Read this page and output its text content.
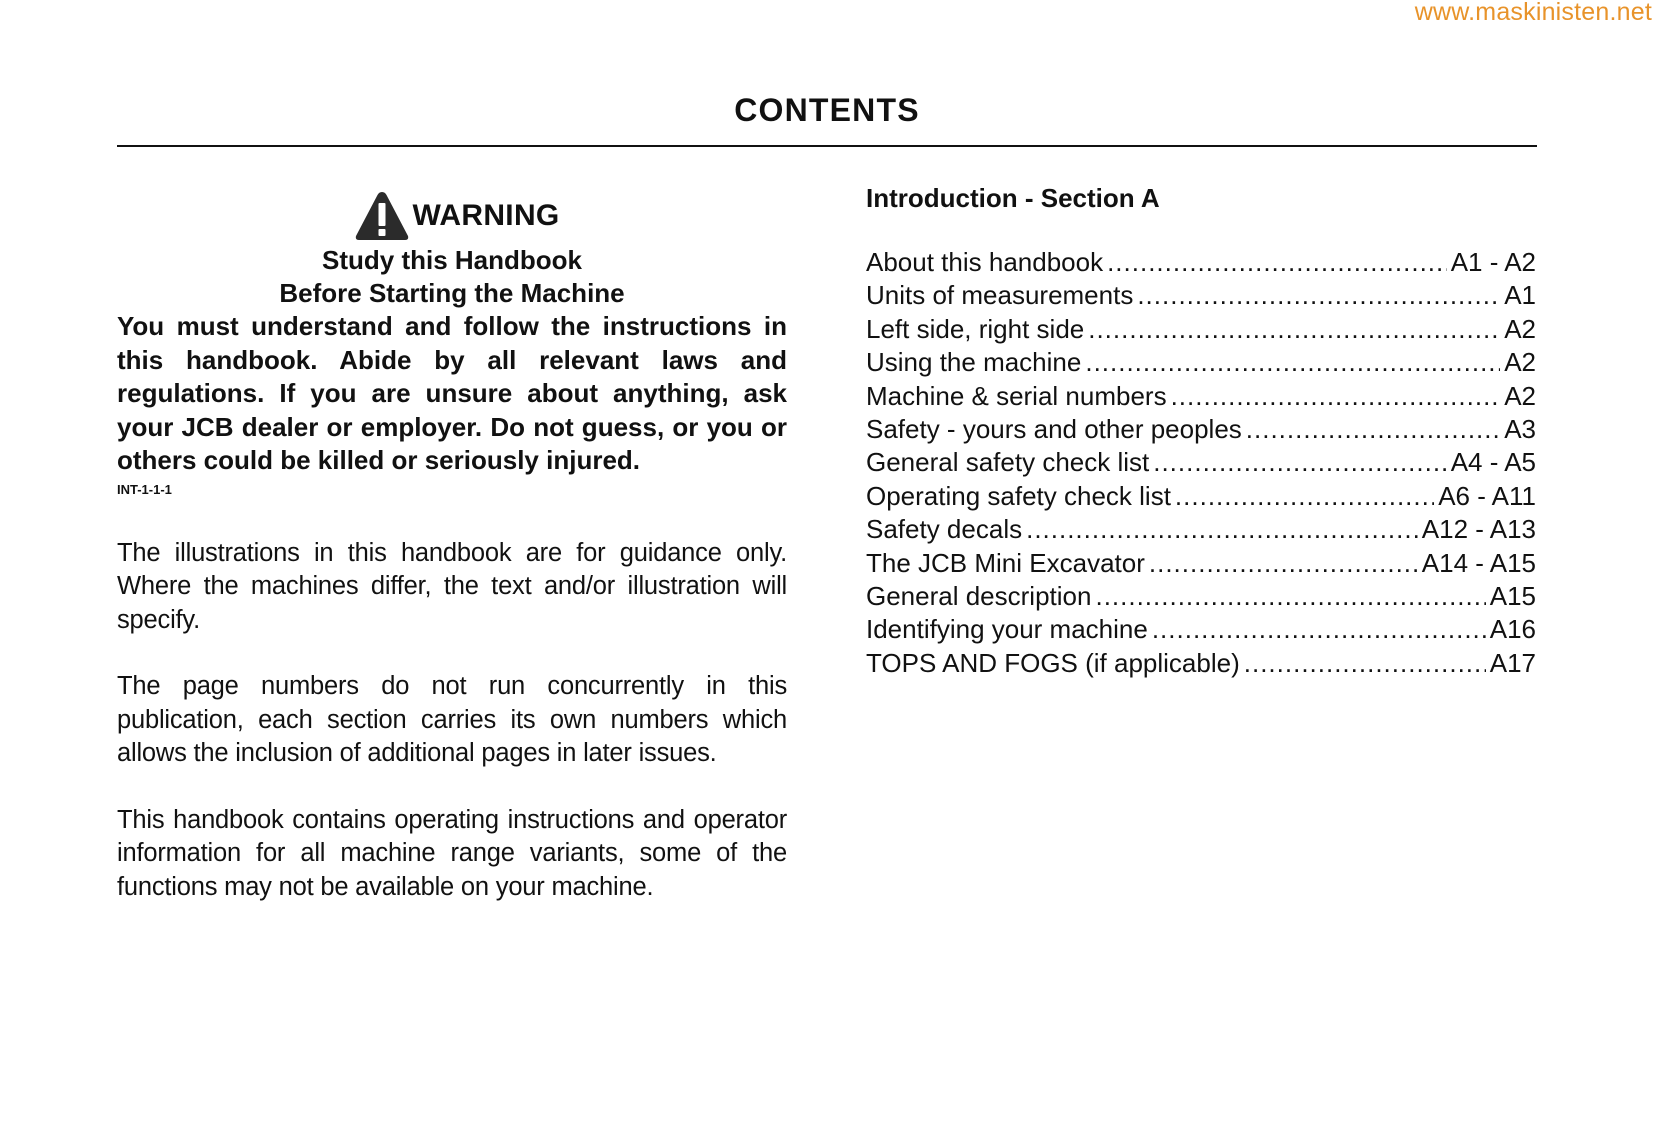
www.maskinisten.net
CONTENTS
WARNING
Study this Handbook
Before Starting the Machine

You must understand and follow the instructions in this handbook. Abide by all relevant laws and regulations. If you are unsure about anything, ask your JCB dealer or employer. Do not guess, or you or others could be killed or seriously injured.

INT-1-1-1

The illustrations in this handbook are for guidance only. Where the machines differ, the text and/or illustration will specify.

The page numbers do not run concurrently in this publication, each section carries its own numbers which allows the inclusion of additional pages in later issues.

This handbook contains operating instructions and operator information for all machine range variants, some of the functions may not be available on your machine.

Introduction - Section A
About this handbook .....	A1 - A2
Units of measurements .....	A1
Left side, right side .....	A2
Using the machine .....	A2
Machine & serial numbers .....	A2
Safety - yours and other peoples .....	A3
General safety check list .....	A4 - A5
Operating safety check list .....	A6 - A11
Safety decals .....	A12 - A13
The JCB Mini Excavator .....	A14 - A15
General description .....	A15
Identifying your machine .....	A16
TOPS AND FOGS (if applicable) .....	A17
